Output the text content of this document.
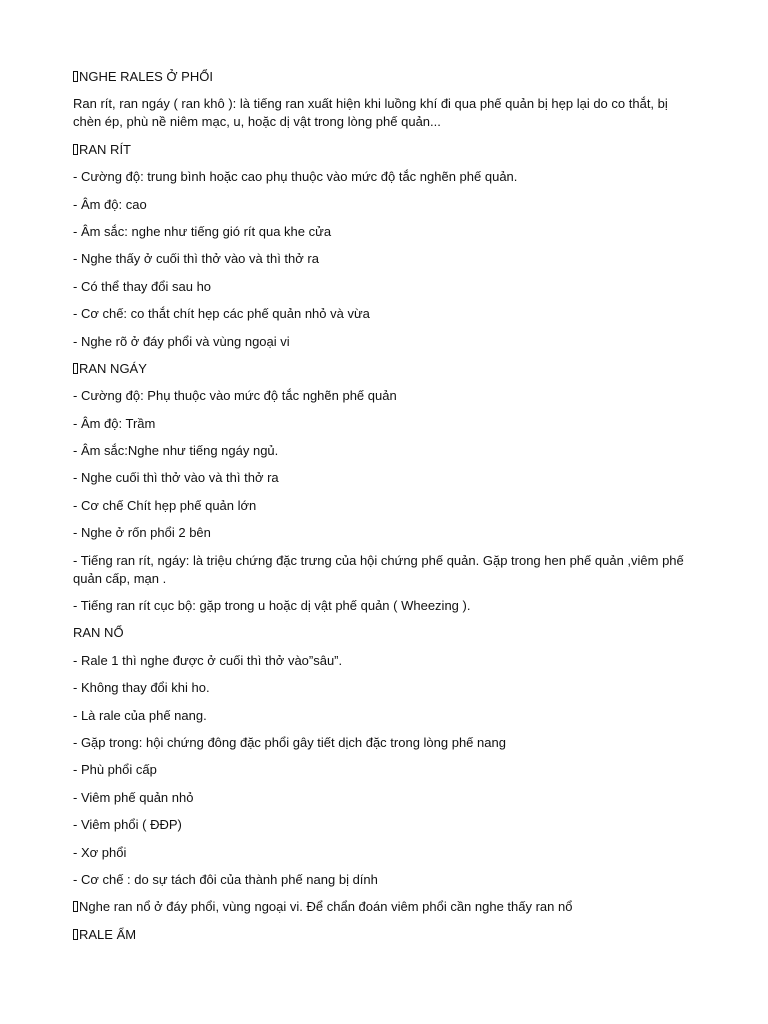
NGHE RALES Ở PHỔI
Ran rít, ran ngáy ( ran khô ): là tiếng ran xuất hiện khi luồng khí đi qua phế quản bị hẹp lại do co thắt, bị chèn ép, phù nề niêm mạc, u, hoặc dị vật trong lòng phế quản...
RAN RÍT
- Cường độ: trung bình hoặc cao phụ thuộc vào mức độ tắc nghẽn phế quản.
- Âm độ: cao
- Âm sắc: nghe như tiếng gió rít qua khe cửa
- Nghe thấy ở cuối thì thở vào và thì thở ra
- Có thể thay đổi sau ho
- Cơ chế: co thắt chít hẹp các phế quản nhỏ và vừa
- Nghe rõ ở đáy phổi và vùng ngoại vi
RAN NGÁY
- Cường độ: Phụ thuộc vào mức độ tắc nghẽn phế quản
- Âm độ: Trầm
- Âm sắc:Nghe như tiếng ngáy ngủ.
- Nghe cuối thì thở vào và thì thở ra
- Cơ chế Chít hẹp phế quản lớn
- Nghe ở rốn phổi 2 bên
- Tiếng ran rít, ngáy: là triệu chứng đặc trưng của hội chứng phế quản. Gặp trong hen phế quản ,viêm phế quản cấp, mạn .
- Tiếng ran rít cục bộ: gặp trong u hoặc dị vật phế quản ( Wheezing ).
RAN NỔ
- Rale 1 thì nghe được ở cuối thì thở vào”sâu”.
- Không thay đổi khi ho.
- Là rale của phế nang.
- Gặp trong: hội chứng đông đặc phổi gây tiết dịch đặc trong lòng phế nang
- Phù phổi cấp
- Viêm phế quản nhỏ
- Viêm phổi ( ĐĐP)
- Xơ phổi
- Cơ chế : do sự tách đôi của thành phế nang bị dính
Nghe ran nổ ở đáy phổi, vùng ngoại vi. Để chẩn đoán viêm phổi cần nghe thấy ran nổ
RALE ẨM
